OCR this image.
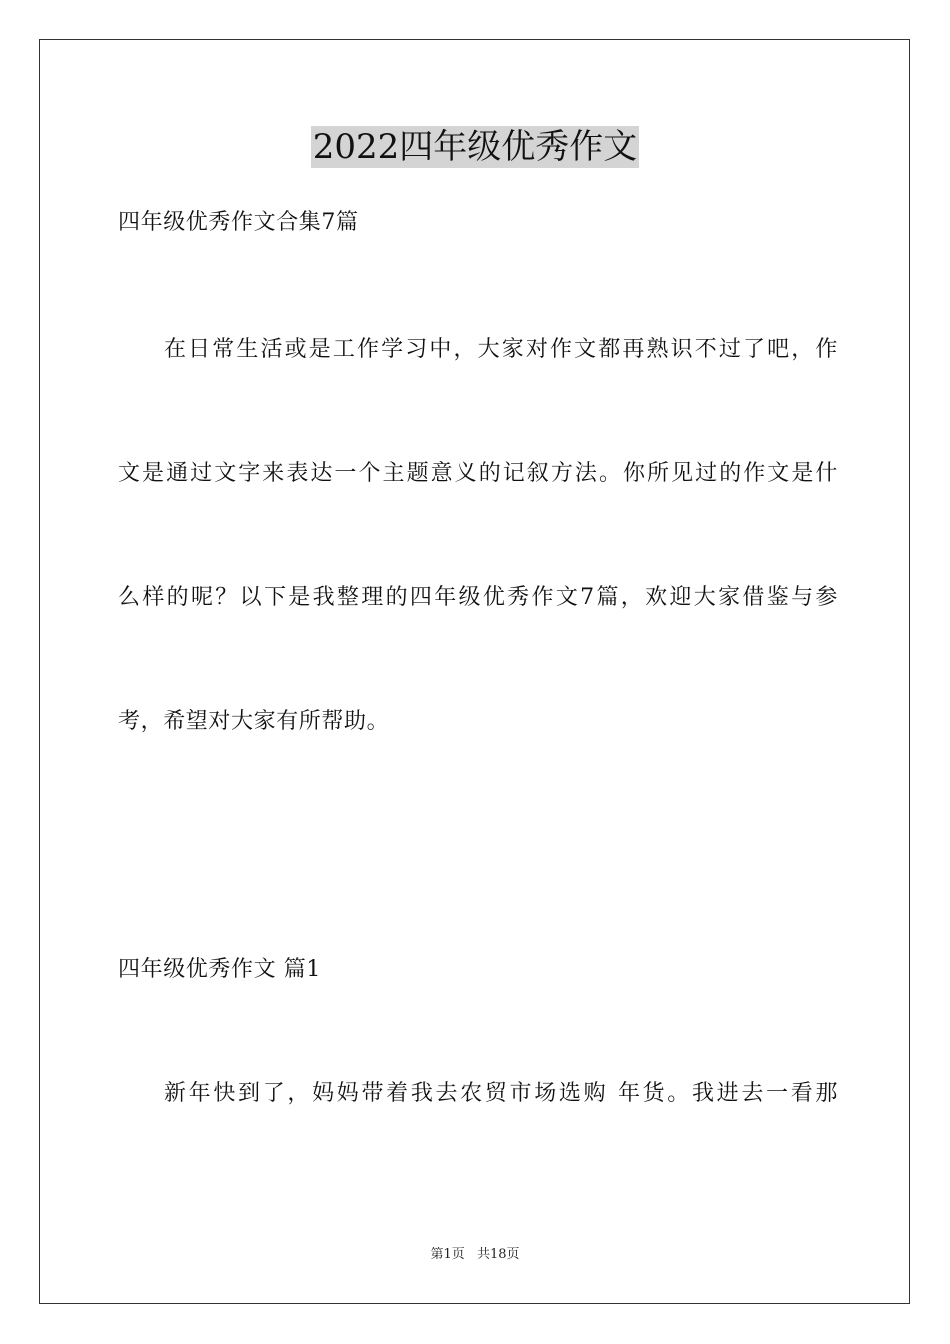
2022四年级优秀作文
四年级优秀作文合集7篇
在日常生活或是工作学习中，大家对作文都再熟识不过了吧，作
文是通过文字来表达一个主题意义的记叙方法。你所见过的作文是什
么样的呢？以下是我整理的四年级优秀作文7篇，欢迎大家借鉴与参
考，希望对大家有所帮助。
四年级优秀作文 篇1
新年快到了，妈妈带着我去农贸市场选购 年货。我进去一看那
第1页 共18页
